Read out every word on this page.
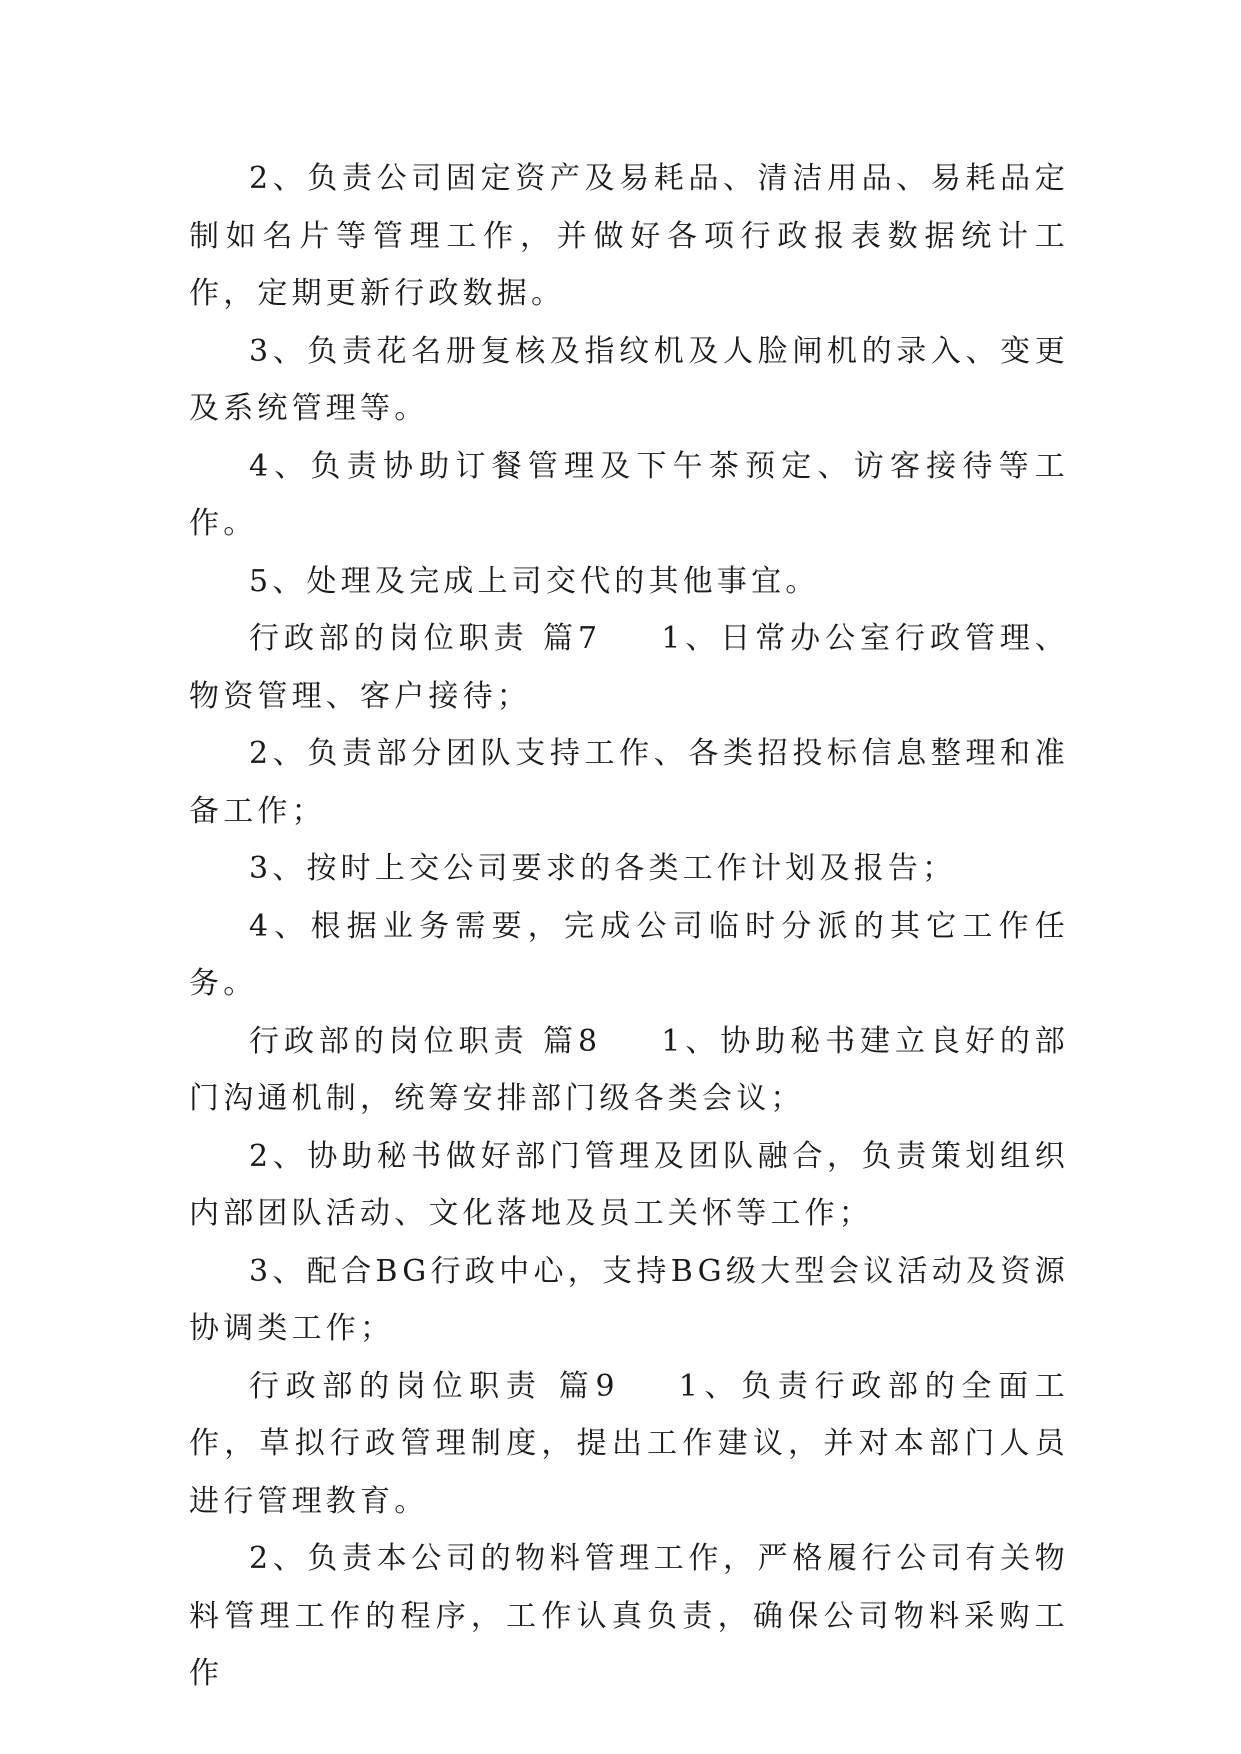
2、负责公司固定资产及易耗品、清洁用品、易耗品定制如名片等管理工作，并做好各项行政报表数据统计工作，定期更新行政数据。

3、负责花名册复核及指纹机及人脸闸机的录入、变更及系统管理等。

4、负责协助订餐管理及下午茶预定、访客接待等工作。

5、处理及完成上司交代的其他事宜。

行政部的岗位职责 篇7 1、日常办公室行政管理、物资管理、客户接待；

2、负责部分团队支持工作、各类招投标信息整理和准备工作；

3、按时上交公司要求的各类工作计划及报告；

4、根据业务需要，完成公司临时分派的其它工作任务。

行政部的岗位职责 篇8 1、协助秘书建立良好的部门沟通机制，统筹安排部门级各类会议；

2、协助秘书做好部门管理及团队融合，负责策划组织内部团队活动、文化落地及员工关怀等工作；

3、配合BG行政中心，支持BG级大型会议活动及资源协调类工作；

行政部的岗位职责 篇9 1、负责行政部的全面工作，草拟行政管理制度，提出工作建议，并对本部门人员进行管理教育。

2、负责本公司的物料管理工作，严格履行公司有关物料管理工作的程序，工作认真负责，确保公司物料采购工作
